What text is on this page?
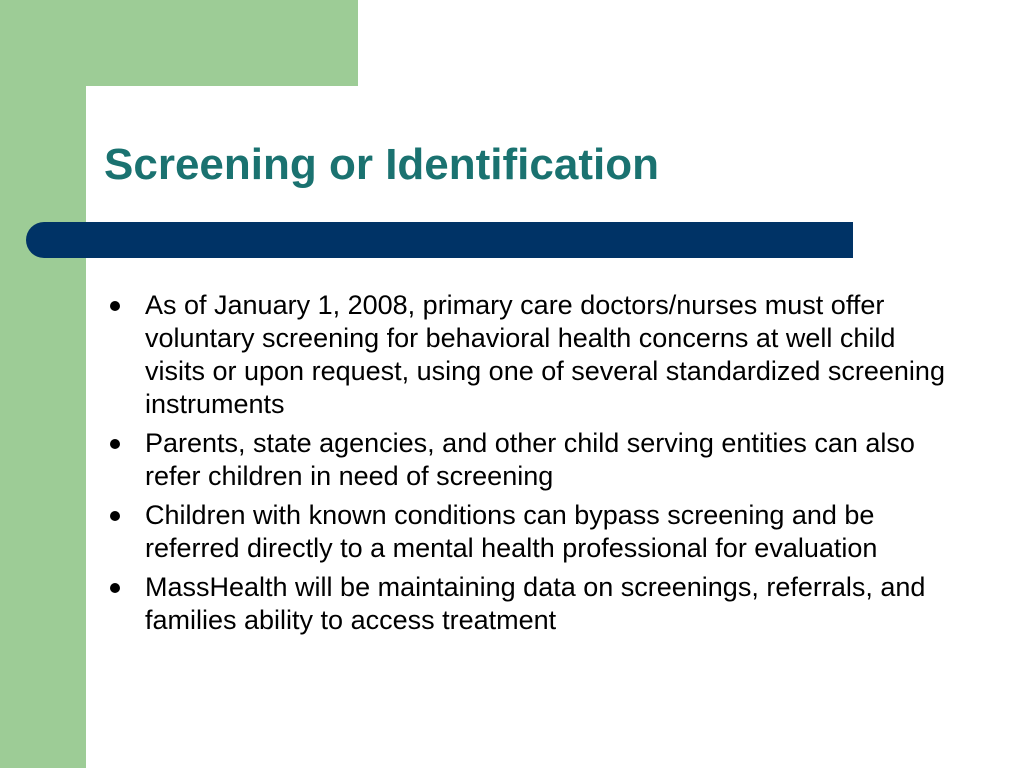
Screening or Identification
As of January 1, 2008, primary care doctors/nurses must offer voluntary screening for behavioral health concerns at well child visits or upon request, using one of several standardized screening instruments
Parents, state agencies, and other child serving entities can also refer children in need of screening
Children with known conditions can bypass screening and be referred directly to a mental health professional for evaluation
MassHealth will be maintaining data on screenings, referrals, and families ability to access treatment
